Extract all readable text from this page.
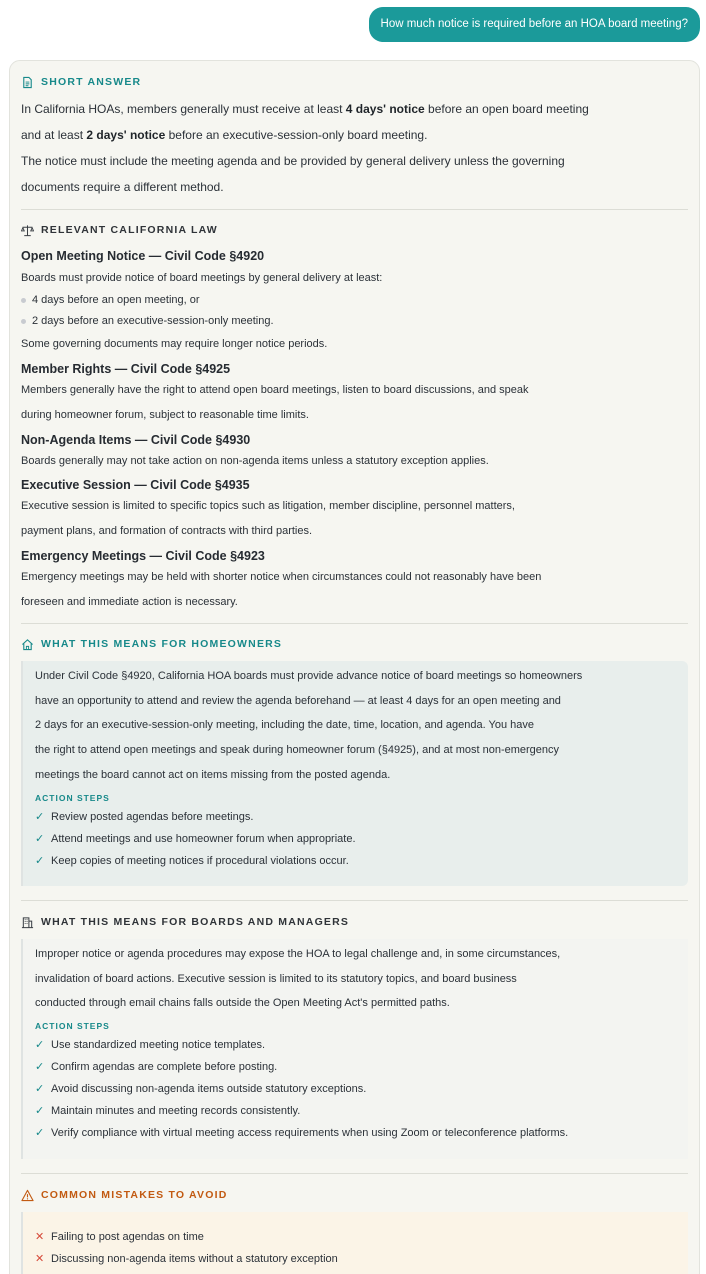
How much notice is required before an HOA board meeting?
SHORT ANSWER
In California HOAs, members generally must receive at least 4 days' notice before an open board meeting
and at least 2 days' notice before an executive-session-only board meeting.
The notice must include the meeting agenda and be provided by general delivery unless the governing
documents require a different method.
RELEVANT CALIFORNIA LAW
Open Meeting Notice — Civil Code §4920
Boards must provide notice of board meetings by general delivery at least:
4 days before an open meeting, or
2 days before an executive-session-only meeting.
Some governing documents may require longer notice periods.
Member Rights — Civil Code §4925
Members generally have the right to attend open board meetings, listen to board discussions, and speak
during homeowner forum, subject to reasonable time limits.
Non-Agenda Items — Civil Code §4930
Boards generally may not take action on non-agenda items unless a statutory exception applies.
Executive Session — Civil Code §4935
Executive session is limited to specific topics such as litigation, member discipline, personnel matters,
payment plans, and formation of contracts with third parties.
Emergency Meetings — Civil Code §4923
Emergency meetings may be held with shorter notice when circumstances could not reasonably have been
foreseen and immediate action is necessary.
WHAT THIS MEANS FOR HOMEOWNERS
Under Civil Code §4920, California HOA boards must provide advance notice of board meetings so homeowners
have an opportunity to attend and review the agenda beforehand — at least 4 days for an open meeting and
2 days for an executive-session-only meeting, including the date, time, location, and agenda. You have
the right to attend open meetings and speak during homeowner forum (§4925), and at most non-emergency
meetings the board cannot act on items missing from the posted agenda.
ACTION STEPS
✓ Review posted agendas before meetings.
✓ Attend meetings and use homeowner forum when appropriate.
✓ Keep copies of meeting notices if procedural violations occur.
WHAT THIS MEANS FOR BOARDS AND MANAGERS
Improper notice or agenda procedures may expose the HOA to legal challenge and, in some circumstances,
invalidation of board actions. Executive session is limited to its statutory topics, and board business
conducted through email chains falls outside the Open Meeting Act's permitted paths.
ACTION STEPS
✓ Use standardized meeting notice templates.
✓ Confirm agendas are complete before posting.
✓ Avoid discussing non-agenda items outside statutory exceptions.
✓ Maintain minutes and meeting records consistently.
✓ Verify compliance with virtual meeting access requirements when using Zoom or teleconference platforms.
COMMON MISTAKES TO AVOID
✕ Failing to post agendas on time
✕ Discussing non-agenda items without a statutory exception
